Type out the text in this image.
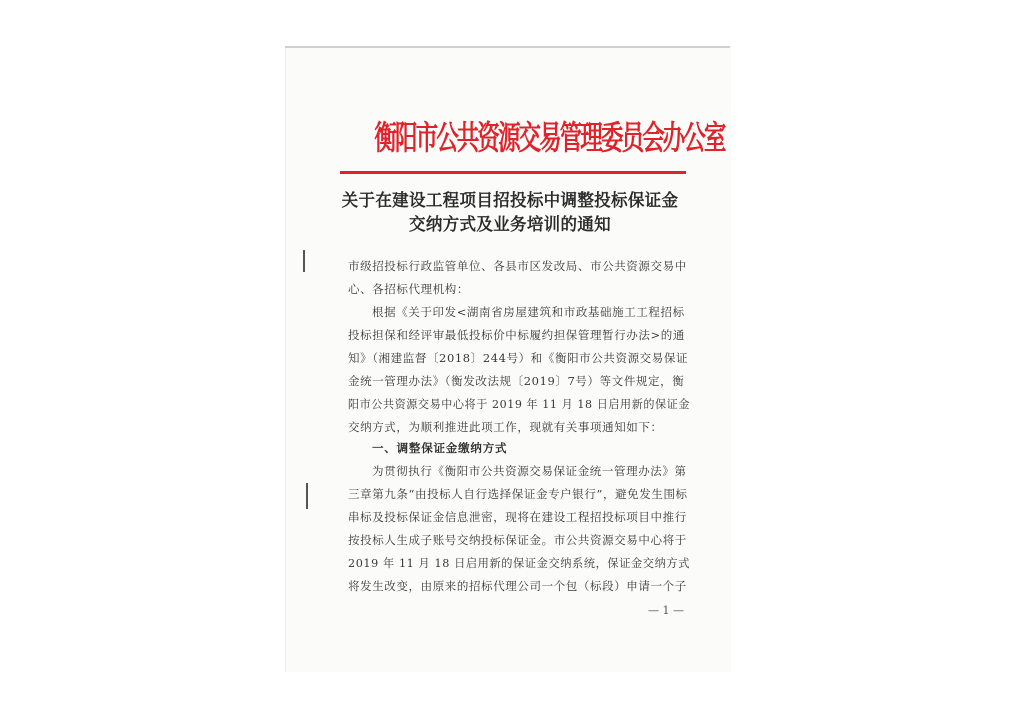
衡阳市公共资源交易管理委员会办公室
关于在建设工程项目招投标中调整投标保证金
交纳方式及业务培训的通知
市级招投标行政监管单位、各县市区发改局、市公共资源交易中
心、各招标代理机构：
根据《关于印发<湖南省房屋建筑和市政基础施工工程招标
投标担保和经评审最低投标价中标履约担保管理暂行办法>的通
知》（湘建监督〔2018〕244号）和《衡阳市公共资源交易保证
金统一管理办法》（衡发改法规〔2019〕7号）等文件规定，衡
阳市公共资源交易中心将于 2019 年 11 月 18 日启用新的保证金
交纳方式，为顺利推进此项工作，现就有关事项通知如下：
一、调整保证金缴纳方式
为贯彻执行《衡阳市公共资源交易保证金统一管理办法》第
三章第九条“由投标人自行选择保证金专户银行”，避免发生围标
串标及投标保证金信息泄密，现将在建设工程招投标项目中推行
按投标人生成子账号交纳投标保证金。市公共资源交易中心将于
2019 年 11 月 18 日启用新的保证金交纳系统，保证金交纳方式
将发生改变，由原来的招标代理公司一个包（标段）申请一个子
— 1 —
